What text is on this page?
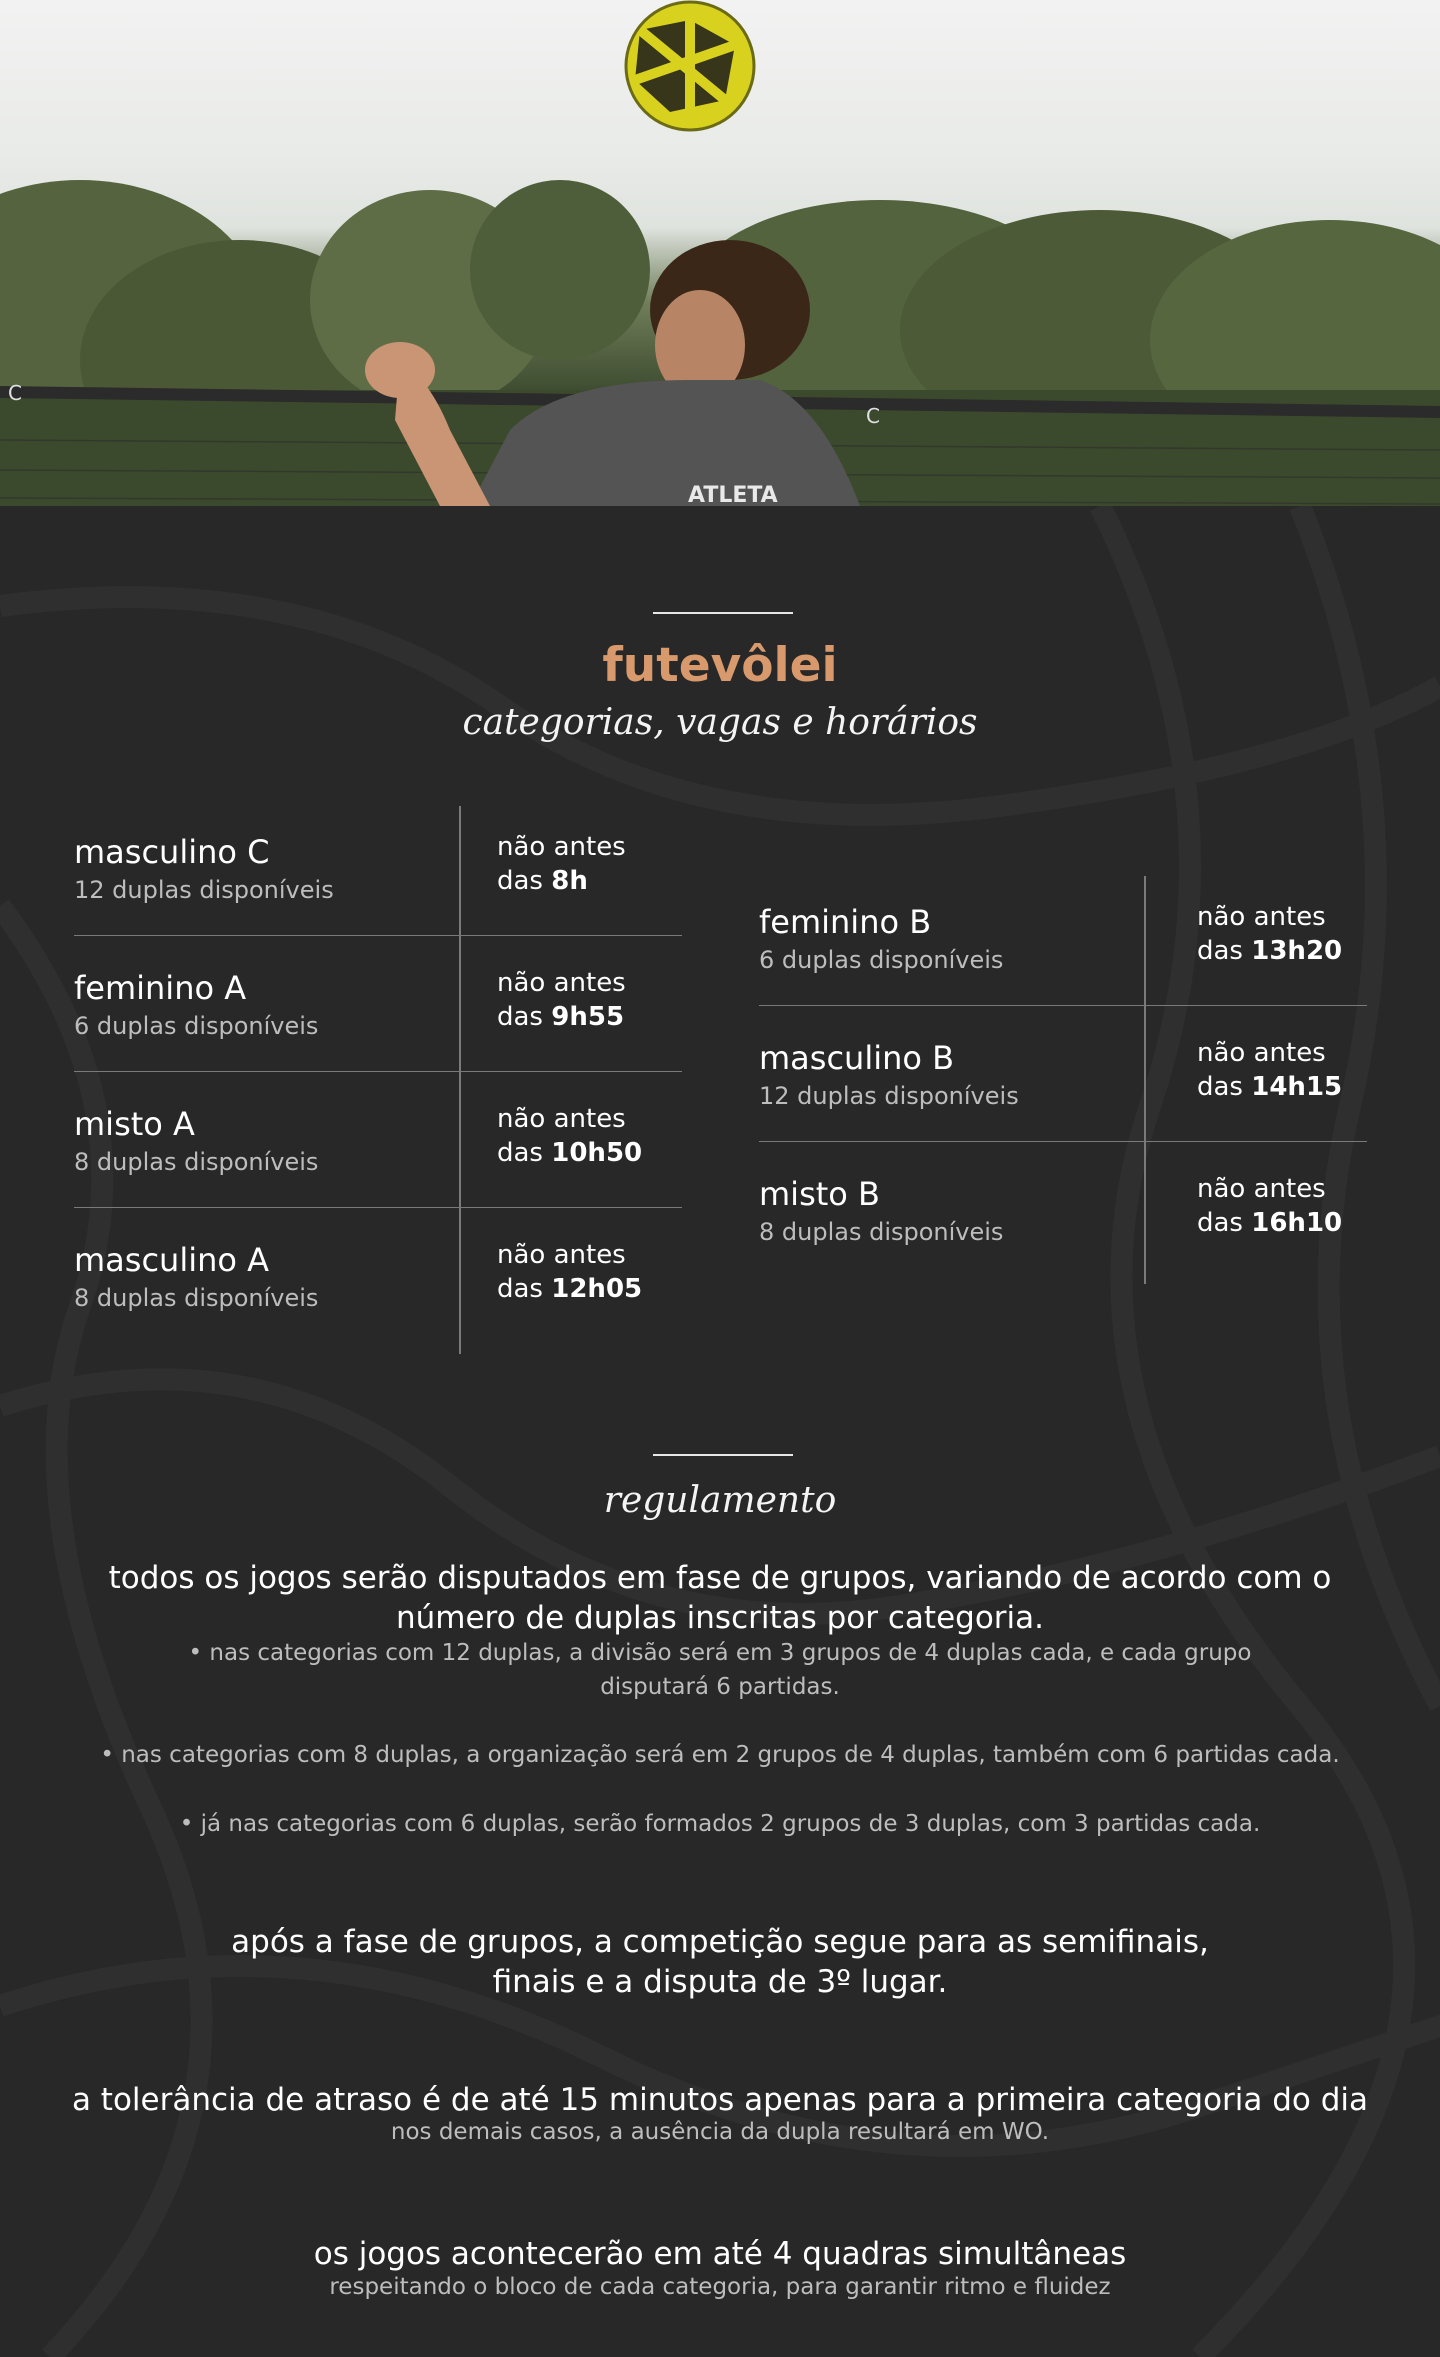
C
C
ATLETA
futevôlei
categorias, vagas e horários
masculino C
12 duplas disponíveis
não antes
das 8h
feminino A
6 duplas disponíveis
não antes
das 9h55
misto A
8 duplas disponíveis
não antes
das 10h50
masculino A
8 duplas disponíveis
não antes
das 12h05
feminino B
6 duplas disponíveis
não antes
das 13h20
masculino B
12 duplas disponíveis
não antes
das 14h15
misto B
8 duplas disponíveis
não antes
das 16h10
regulamento
todos os jogos serão disputados em fase de grupos, variando de acordo com o
número de duplas inscritas por categoria.
• nas categorias com 12 duplas, a divisão será em 3 grupos de 4 duplas cada, e cada grupo
disputará 6 partidas.
• nas categorias com 8 duplas, a organização será em 2 grupos de 4 duplas, também com 6 partidas cada.
• já nas categorias com 6 duplas, serão formados 2 grupos de 3 duplas, com 3 partidas cada.
após a fase de grupos, a competição segue para as semifinais,
finais e a disputa de 3º lugar.
a tolerância de atraso é de até 15 minutos apenas para a primeira categoria do dia
nos demais casos, a ausência da dupla resultará em WO.
os jogos acontecerão em até 4 quadras simultâneas
respeitando o bloco de cada categoria, para garantir ritmo e fluidez
